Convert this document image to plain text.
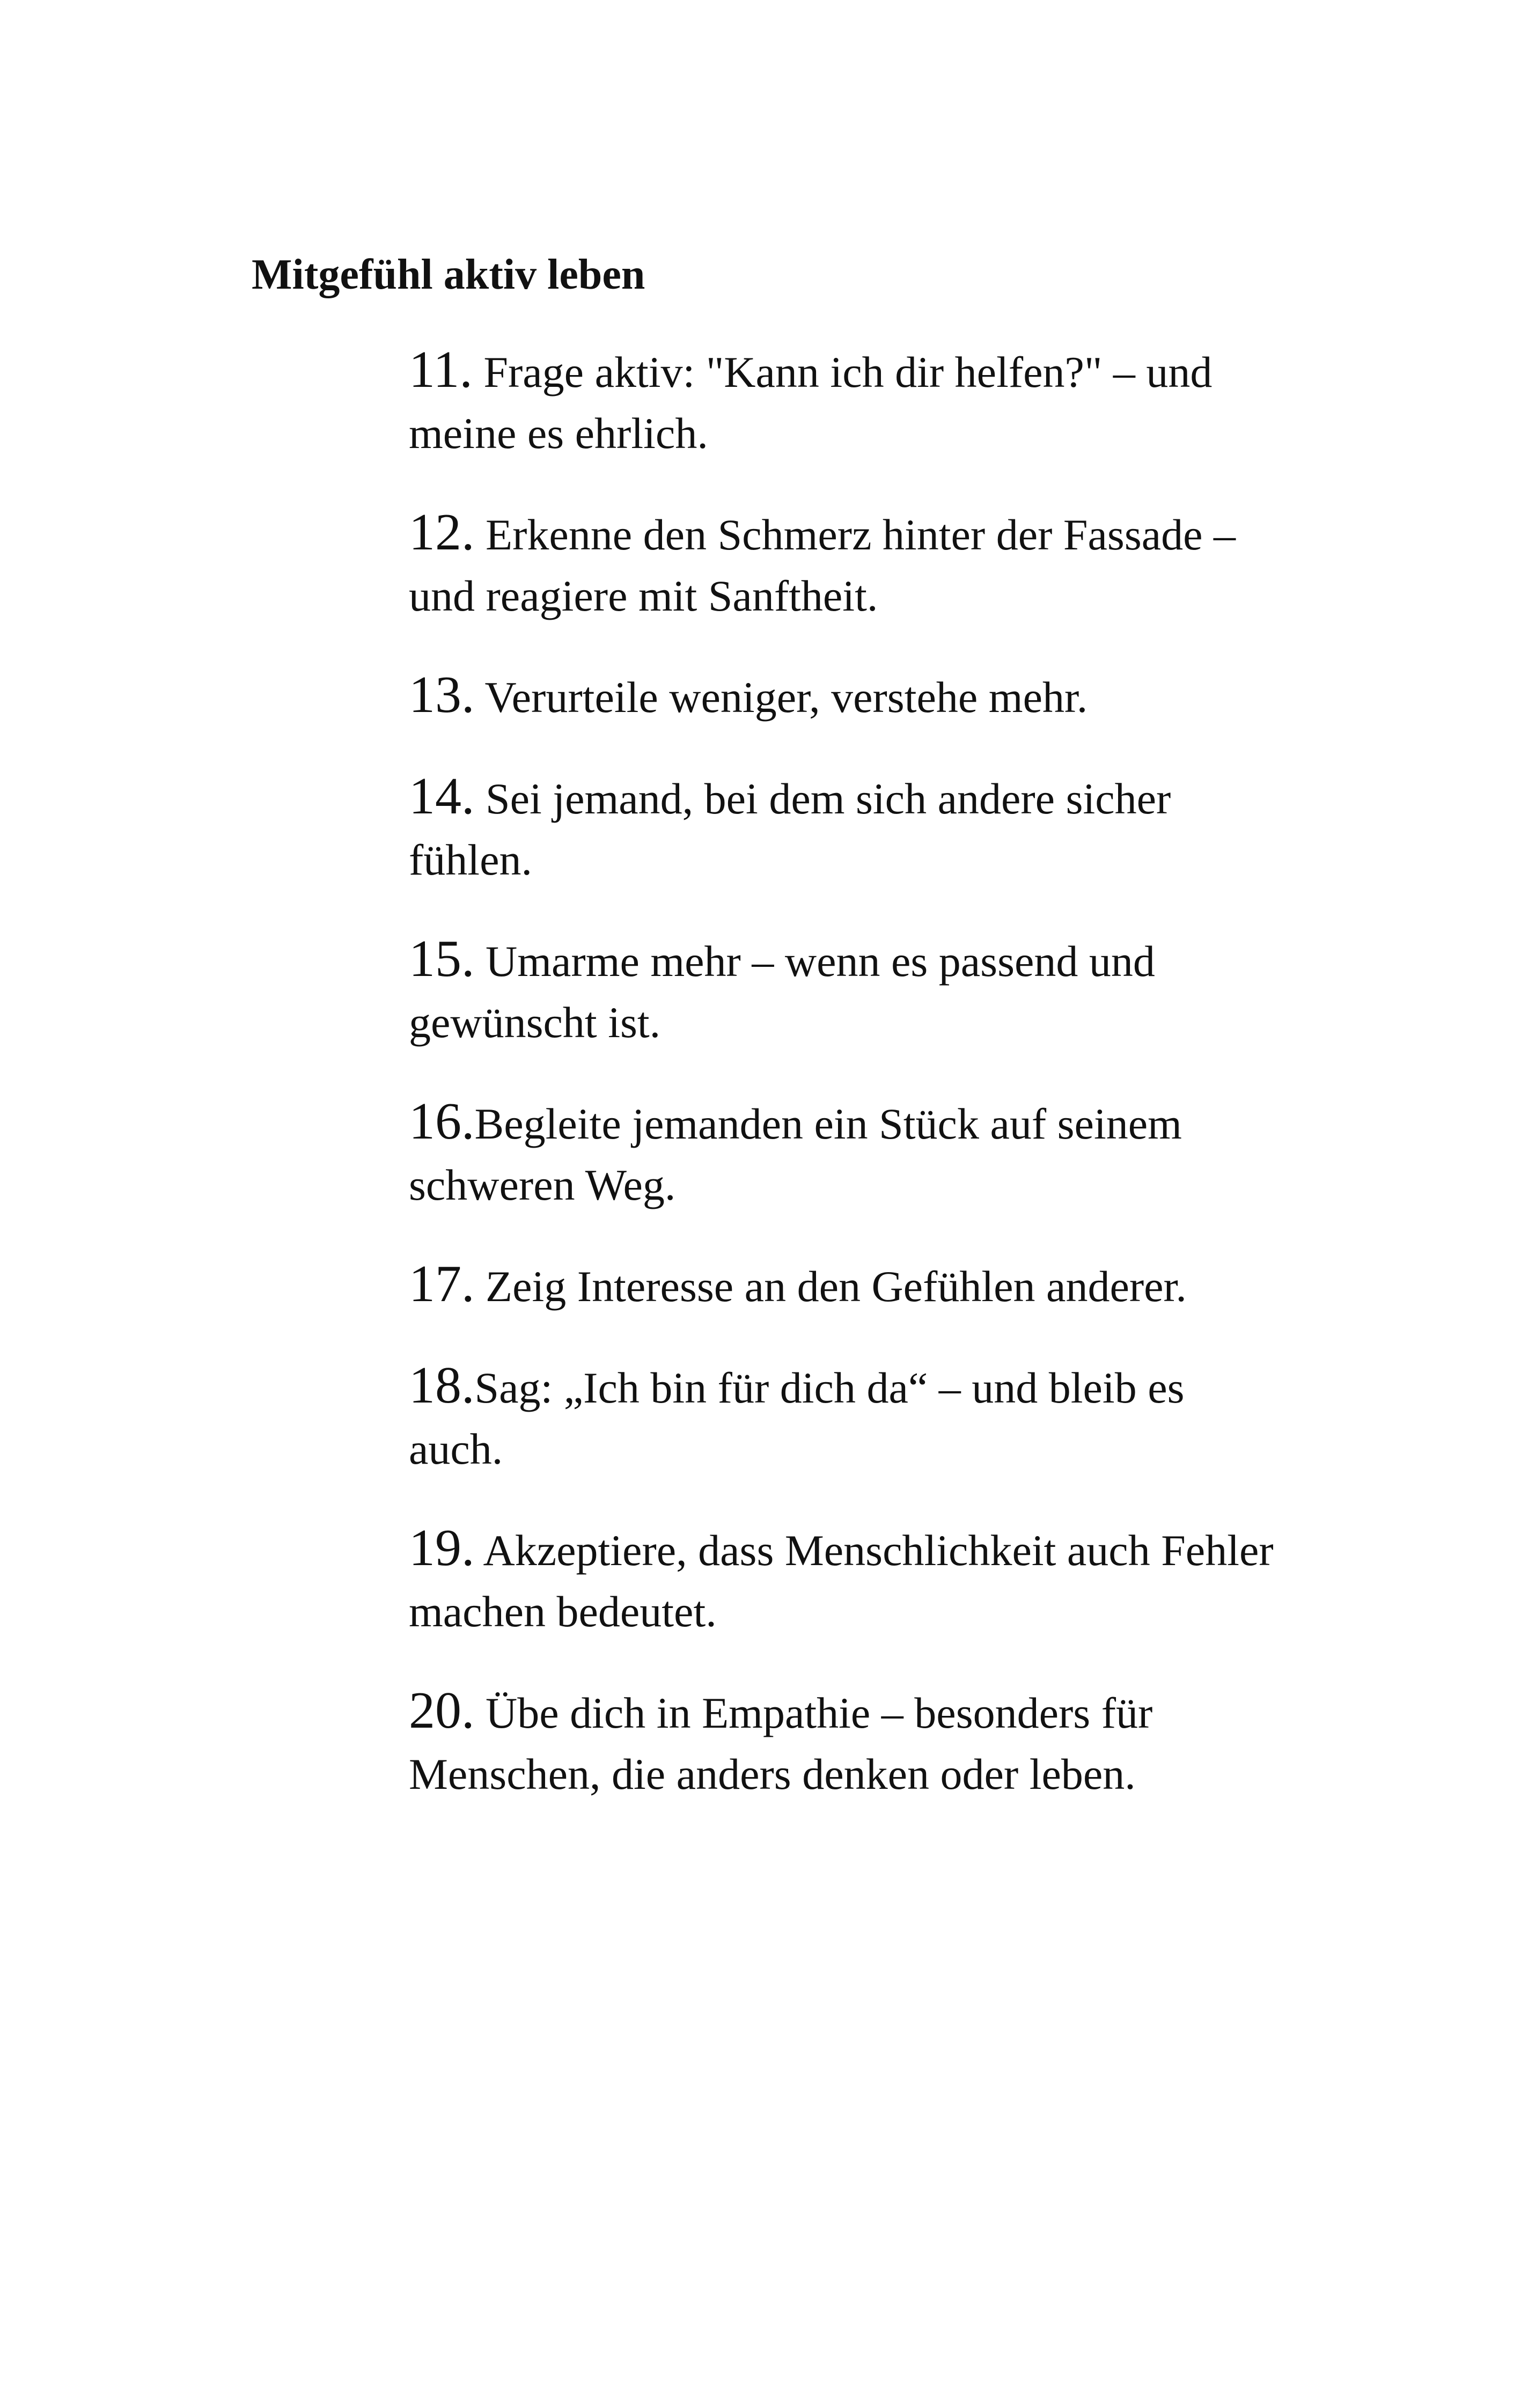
Mitgefühl aktiv leben
11. Frage aktiv: "Kann ich dir helfen?" – und meine es ehrlich.
12. Erkenne den Schmerz hinter der Fassade – und reagiere mit Sanftheit.
13. Verurteile weniger, verstehe mehr.
14. Sei jemand, bei dem sich andere sicher fühlen.
15. Umarme mehr – wenn es passend und gewünscht ist.
16.Begleite jemanden ein Stück auf seinem schweren Weg.
17. Zeig Interesse an den Gefühlen anderer.
18.Sag: „Ich bin für dich da“ – und bleib es auch.
19. Akzeptiere, dass Menschlichkeit auch Fehler machen bedeutet.
20. Übe dich in Empathie – besonders für Menschen, die anders denken oder leben.
